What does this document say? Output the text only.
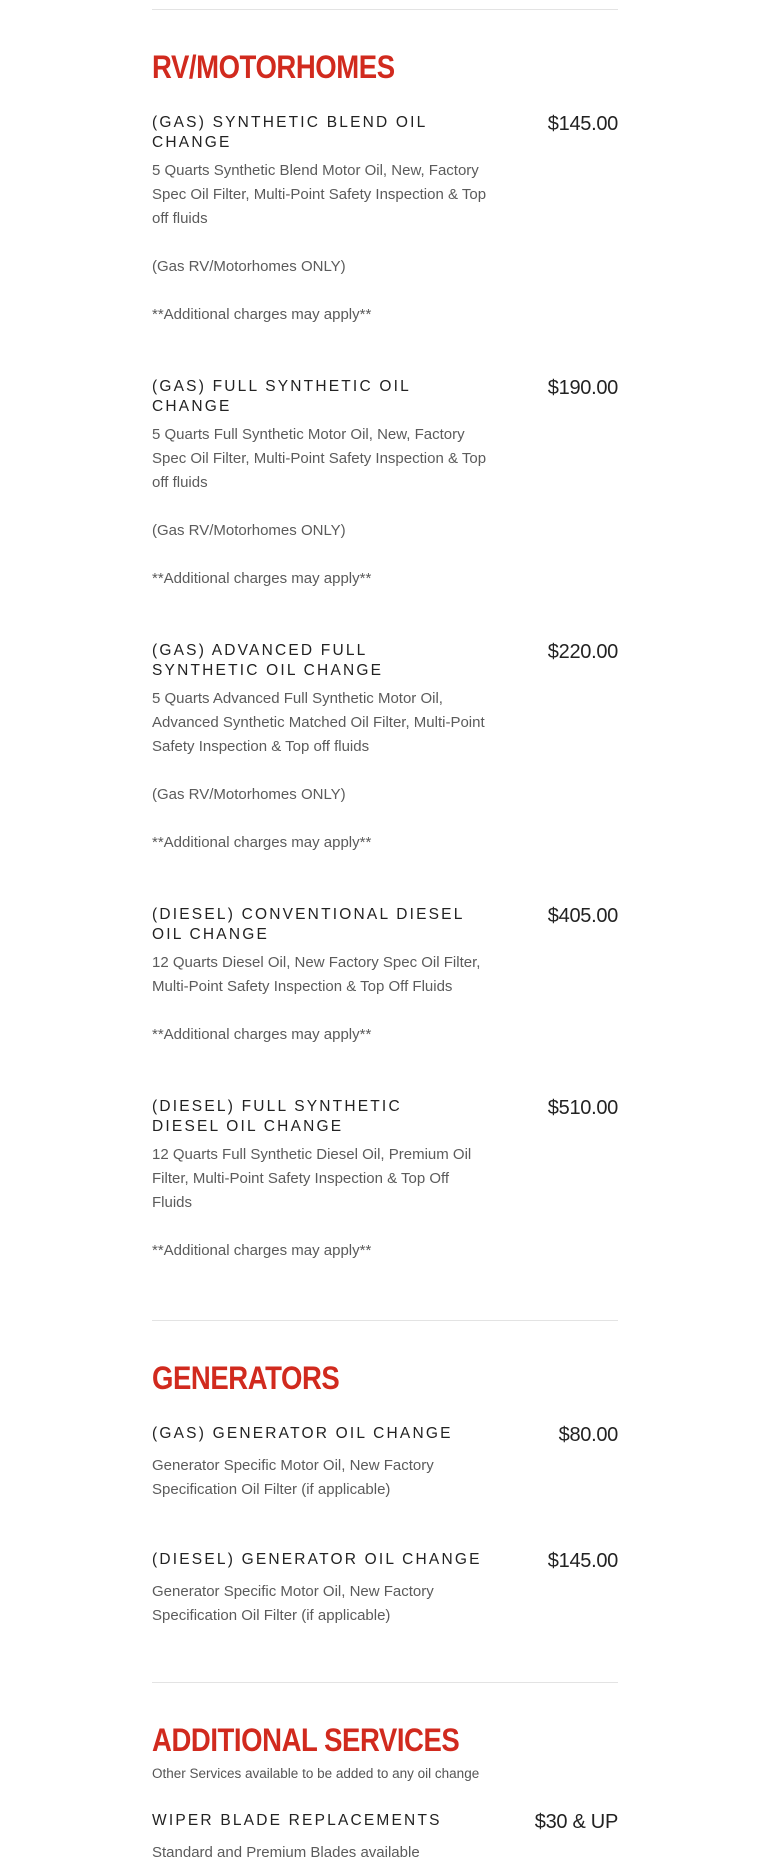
RV/MOTORHOMES
(GAS) SYNTHETIC BLEND OIL CHANGE
$145.00

5 Quarts Synthetic Blend Motor Oil, New, Factory Spec Oil Filter, Multi-Point Safety Inspection & Top off fluids

(Gas RV/Motorhomes ONLY)

**Additional charges may apply**

(GAS) FULL SYNTHETIC OIL CHANGE
$190.00

5 Quarts Full Synthetic Motor Oil, New, Factory Spec Oil Filter, Multi-Point Safety Inspection & Top off fluids

(Gas RV/Motorhomes ONLY)

**Additional charges may apply**

(GAS) ADVANCED FULL SYNTHETIC OIL CHANGE
$220.00

5 Quarts Advanced Full Synthetic Motor Oil, Advanced Synthetic Matched Oil Filter, Multi-Point Safety Inspection & Top off fluids

(Gas RV/Motorhomes ONLY)

**Additional charges may apply**

(DIESEL) CONVENTIONAL DIESEL OIL CHANGE
$405.00

12 Quarts Diesel Oil, New Factory Spec Oil Filter, Multi-Point Safety Inspection & Top Off Fluids

**Additional charges may apply**

(DIESEL) FULL SYNTHETIC DIESEL OIL CHANGE
$510.00

12 Quarts Full Synthetic Diesel Oil, Premium Oil Filter, Multi-Point Safety Inspection & Top Off Fluids

**Additional charges may apply**

GENERATORS
(GAS) GENERATOR OIL CHANGE	$80.00

Generator Specific Motor Oil, New Factory Specification Oil Filter (if applicable)

(DIESEL) GENERATOR OIL CHANGE	$145.00

Generator Specific Motor Oil, New Factory Specification Oil Filter (if applicable)

ADDITIONAL SERVICES
Other Services available to be added to any oil change
WIPER BLADE REPLACEMENTS	$30 & UP

Standard and Premium Blades available
